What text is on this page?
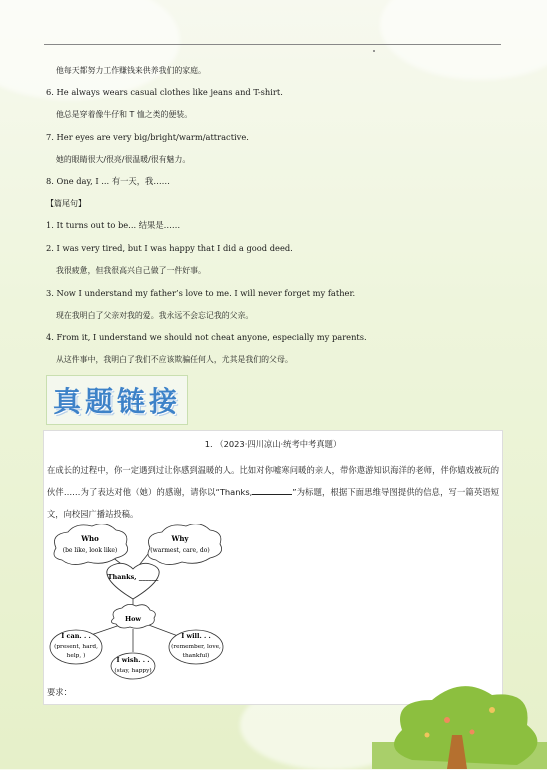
他每天都努力工作赚钱来供养我们的家庭。
6. He always wears casual clothes like jeans and T-shirt.
他总是穿着像牛仔和 T 恤之类的便装。
7. Her eyes are very big/bright/warm/attractive.
她的眼睛很大/很亮/很温暖/很有魅力。
8. One day, I ... 有一天，我……
【篇尾句】
1. It turns out to be... 结果是……
2. I was very tired, but I was happy that I did a good deed.
我很疲惫，但我很高兴自己做了一件好事。
3. Now I understand my father’s love to me. I will never forget my father.
现在我明白了父亲对我的爱。我永远不会忘记我的父亲。
4. From it, I understand we should not cheat anyone, especially my parents.
从这件事中，我明白了我们不应该欺骗任何人，尤其是我们的父母。
真题链接
1. （2023·四川凉山·统考中考真题）
在成长的过程中，你一定遇到过让你感到温暖的人。比如对你嘘寒问暖的亲人，带你遨游知识海洋的老师，伴你嬉戏被玩的伙伴……为了表达对他（她）的感谢，请你以“Thanks,	”为标题，根据下面思维导图提供的信息，写一篇英语短文，向校园广播站投稿。
Who
(be like, look like)
Why
(warmest, care, do)
Thanks, ______
How
I can. . .
(present, hard,
help, )
I will. . .
(remember, love,
thankful)
I wish. . .
(stay, happy)
要求：
